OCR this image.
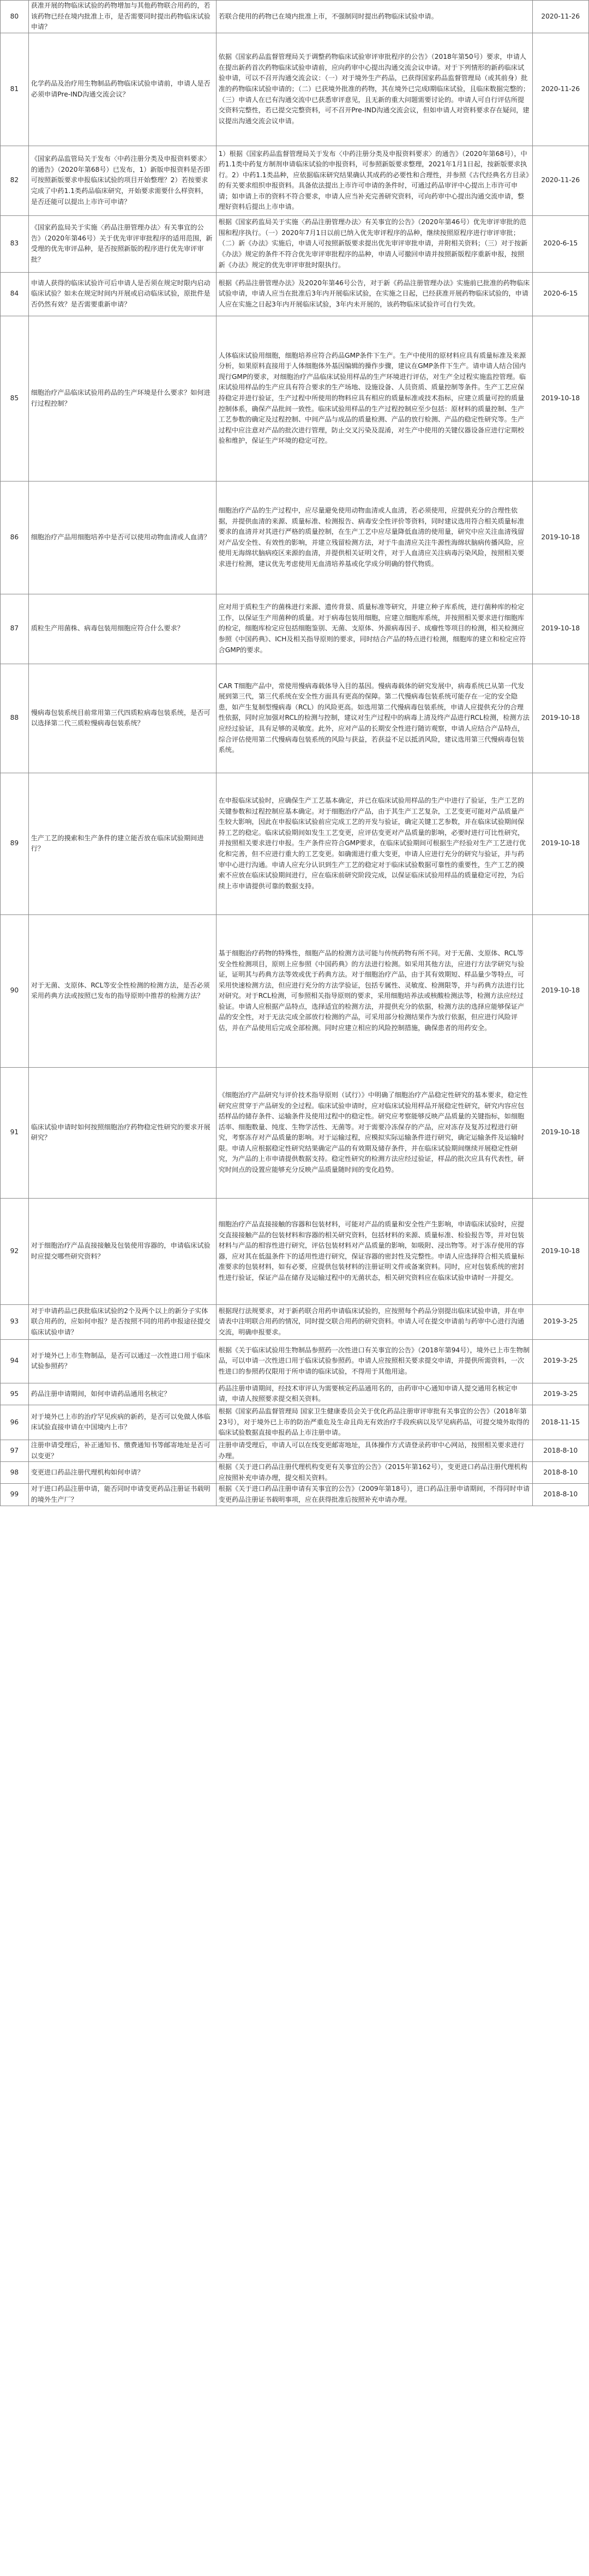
80	获准开展的物临床试验的药物增加与其他药物联合用药的，若该药物已经在境内批准上市，是否需要同时提出药物临床试验申请？	若联合使用的药物已在境内批准上市，不强制同时提出药物临床试验申请。	2020-11-26

81	化学药品及治疗用生物制品药物临床试验申请前，申请人是否必须申请Pre-IND沟通交流会议？	依据《国家药品监督管理局关于调整药物临床试验审评审批程序的公告》（2018年第50号）要求，申请人在提出新药首次药物临床试验申请前，应向药审中心提出沟通交流会议申请。对于下列情形的新药临床试验申请，可以不召开沟通交流会议：（一）对于境外生产药品，已获得国家药品监督管理局（或其前身）批准的药物临床试验申请的；（二）已获境外批准的药物，其在境外已完成I期临床试验，且临床数据完整的；（三）申请人在已有沟通交流中已获悉审评意见，且无新的重大问题需要讨论的。申请人可自行评估所提交资料完整性，若已提交完整资料，可不召开Pre-IND沟通交流会议，但如申请人对资料要求存在疑问，建议提出沟通交流会议申请。	2020-11-26

82	《国家药品监管局关于发布〈中药注册分类及申报资料要求〉的通告》（2020年第68号）已发布，1）新版申报资料是否即可按照新版要求申报临床试验的项目开始整理？2）若按要求完成了中药1.1类药品临床研究，开始要求需要什么样资料，是否还能可以提出上市许可申请？	1）根据《国家药品监督管理局关于发布〈中药注册分类及申报资料要求〉的通告》（2020年第68号），中药1.1类中药复方制剂申请临床试验的申报资料，可参照新版要求整理，2021年1月1日起，按新版要求执行。2）中药1.1类品种，应依据临床研究结果确认其成药的必要性和合理性，并参照《古代经典名方目录》的有关要求组织申报资料。具备依法提出上市许可申请的条件时，可通过药品审评中心提出上市许可申请；如申请上市的资料不符合要求，申请人应当补充完善研究资料，可向药审中心提出沟通交流申请，整理好资料后提出上市申请。	2020-11-26

83	《国家药监局关于实施〈药品注册管理办法〉有关事宜的公告》（2020年第46号）关于优先审评审批程序的适用范围，新受理的优先审评品种，是否按照新版的程序进行优先审评审批？	根据《国家药监局关于实施〈药品注册管理办法〉有关事宜的公告》（2020年第46号）优先审评审批的范围和程序执行。（一）2020年7月1日以前已纳入优先审评程序的品种，继续按照原程序进行审评审批；（二）新《办法》实施后，申请人可按照新版要求提出优先审评审批申请，并附相关资料；（三）对于按新《办法》规定的条件不符合优先审评审批程序的品种，申请人可撤回申请并按照新版程序重新申报，按照新《办法》规定的优先审评审批时限执行。	2020-6-15

84	申请人获得的临床试验许可后申请人是否须在规定时限内启动临床试验？如未在规定时间内开展或启动临床试验，原批件是否仍然有效？是否需要重新申请？	根据《药品注册管理办法》及2020年第46号公告，对于新《药品注册管理办法》实施前已批准的药物临床试验申请，申请人应当在批准后3年内开展临床试验，在实施之日起，已经获准开展药物临床试验的，申请人应在实施之日起3年内开展临床试验，3年内未开展的，该药物临床试验许可自行失效。	2020-6-15

85	细胞治疗产品临床试验用药品的生产环境是什么要求？如何进行过程控制？	人体临床试验用细胞，细胞培养应符合药品GMP条件下生产。生产中使用的原材料应具有质量标准及来源分析，如果原料直接用于人体细胞体外基因编辑的操作步骤，建议在GMP条件下生产。请申请人结合国内现行GMP的要求，对细胞治疗产品临床试验用样品的生产环境进行评估，对生产全过程实施监控管理。临床试验用样品的生产应具有符合要求的生产场地、设施设备、人员资质、质量控制等条件。生产工艺应保持稳定并进行验证，生产过程中所使用的物料应具有相应的质量标准或技术指标，应建立质量可控的质量控制体系，确保产品批间一致性。临床试验用样品的生产过程控制应至少包括：原材料的质量控制、生产工艺参数的确定及过程控制、中间产品与成品的质量检测、产品的放行检测、产品的稳定性研究等。生产过程中应注意对产品的批次进行管理，防止交叉污染及混淆，对生产中使用的关键仪器设备应进行定期校验和维护，保证生产环境的稳定可控。	2019-10-18

86	细胞治疗产品用细胞培养中是否可以使用动物血清或人血清？	细胞治疗产品的生产过程中，应尽量避免使用动物血清或人血清，若必须使用，应提供充分的合理性依据，并提供血清的来源、质量标准、检测报告、病毒安全性评价等资料，同时建议选用符合相关质量标准要求的血清并对其进行严格的质量控制，在生产工艺中应尽量降低血清的使用量，研究中应关注血清残留对产品安全性、有效性的影响，并建立残留检测方法，对于牛血清应关注牛源性海绵状脑病传播风险，应使用无海绵状脑病疫区来源的血清，并提供相关证明文件，对于人血清应关注病毒污染风险，按照相关要求进行检测，建议优先考虑使用无血清培养基或化学成分明确的替代物质。	2019-10-18

87	质粒生产用菌株、病毒包装用细胞应符合什么要求？	应对用于质粒生产的菌株进行来源、遗传背景、质量标准等研究，并建立种子库系统，进行菌种库的检定工作，以保证生产用菌种的质量。对于病毒包装用细胞，应建立细胞库系统，并按照相关要求进行细胞库的检定，细胞库检定应包括细胞鉴别、无菌、支原体、外源病毒因子、成瘤性等项目的检测，相关检测应参照《中国药典》、ICH及相关指导原则的要求，同时结合产品的特点进行检测，细胞库的建立和检定应符合GMP的要求。	2019-10-18

88	慢病毒包装系统目前常用第三代四质粒病毒包装系统，是否可以选择第二代三质粒慢病毒包装系统？	CAR T细胞产品中，常使用慢病毒载体导入目的基因。慢病毒载体的研究发展中，病毒系统已从第一代发展到第三代，第三代系统在安全性方面具有更高的保障。第二代慢病毒包装系统可能存在一定的安全隐患，如产生复制型慢病毒（RCL）的风险更高。如选用第二代慢病毒包装系统，申请人应提供充分的合理性依据，同时应加强对RCL的检测与控制，建议对生产过程中的病毒上清及终产品进行RCL检测，检测方法应经过验证，具有足够的灵敏度。此外，应对产品的长期安全性进行随访观察，申请人应结合产品特点，综合评估使用第二代慢病毒包装系统的风险与获益，若获益不足以抵消风险，建议选用第三代慢病毒包装系统。	2019-10-18

89	生产工艺的摸索和生产条件的建立能否放在临床试验期间进行？	在申报临床试验时，应确保生产工艺基本确定，并已在临床试验用样品的生产中进行了验证，生产工艺的关键参数和过程控制应基本确定。对于细胞治疗产品，由于其生产工艺复杂，工艺变更可能对产品质量产生较大影响，因此在申报临床试验前应完成工艺的开发与验证，确定关键工艺参数，并在临床试验期间保持工艺的稳定。临床试验期间如发生工艺变更，应评估变更对产品质量的影响，必要时进行可比性研究，并按照相关要求进行申报。生产条件应符合GMP要求，在临床试验期间可根据生产经验对生产工艺进行优化和完善，但不应进行重大的工艺变更。如确需进行重大变更，申请人应进行充分的研究与验证，并与药审中心进行沟通。申请人应充分认识到生产工艺的稳定对于临床试验数据可靠性的重要性，生产工艺的摸索不应放在临床试验期间进行，应在临床前研究阶段完成，以保证临床试验用样品的质量稳定可控，为后续上市申请提供可靠的数据支持。	2019-10-18

90	对于无菌、支原体、RCL等安全性检测的检测方法，是否必须采用药典方法或按照已发布的指导原则中推荐的检测方法？	基于细胞治疗药物的特殊性，细胞产品的检测方法可能与传统药物有所不同。对于无菌、支原体、RCL等安全性检测项目，原则上应参照《中国药典》的方法进行检测。如采用其他方法，应进行方法学研究与验证，证明其与药典方法等效或优于药典方法。对于细胞治疗产品，由于其有效期短、样品量少等特点，可采用快速检测方法，但应进行充分的方法学验证，包括专属性、灵敏度、检测限等，并与药典方法进行比对研究。对于RCL检测，可参照相关指导原则的要求，采用细胞培养法或核酸检测法等，检测方法应经过验证。申请人应根据产品特点，选择适宜的检测方法，并提供充分的依据，检测方法的选择应能够保证产品的安全性，对于无法完成全部放行检测的产品，可采用部分检测结果作为放行依据，但应进行风险评估，并在产品使用后完成全部检测。同时应建立相应的风险控制措施，确保患者的用药安全。	2019-10-18

91	临床试验申请时如何按照细胞治疗药物稳定性研究的要求开展研究？	《细胞治疗产品研究与评价技术指导原则（试行）》中明确了细胞治疗产品稳定性研究的基本要求，稳定性研究应贯穿于产品研发的全过程。临床试验申请时，应对临床试验用样品开展稳定性研究，研究内容应包括样品的储存条件、运输条件及使用过程中的稳定性。研究应考察能够反映产品质量的关键指标，如细胞活率、细胞数量、纯度、生物学活性、无菌等。对于需要冷冻保存的产品，应对冻存及复苏过程进行研究，考察冻存对产品质量的影响。对于运输过程，应模拟实际运输条件进行研究，确定运输条件及运输时限。申请人应根据稳定性研究结果确定产品的有效期及储存条件，并在临床试验期间继续开展稳定性研究，为产品的上市申请提供数据支持。稳定性研究的检测方法应经过验证，样品的批次应具有代表性，研究时间点的设置应能够充分反映产品质量随时间的变化趋势。	2019-10-18

92	对于细胞治疗产品直接接触及包装使用容器的，申请临床试验时应提交哪些研究资料？	细胞治疗产品直接接触的容器和包装材料，可能对产品的质量和安全性产生影响，申请临床试验时，应提交直接接触产品的包装材料和容器的相关研究资料，包括材料的来源、质量标准、检验报告等，并对包装材料与产品的相容性进行研究，评估包装材料对产品质量的影响，如吸附、浸出物等。对于冻存使用的容器，应对其在低温条件下的适用性进行研究，保证容器的密封性及完整性。申请人应选择符合相关质量标准要求的包装材料，如有必要，应提供包装材料的注册证明文件或备案资料。同时，应对包装系统的密封性进行验证，保证产品在储存及运输过程中的无菌状态，相关研究资料应在临床试验申请时一并提交。	2019-10-18

93	对于申请药品已获批临床试验的2个及两个以上的新分子实体联合用药的，应如何申报？是否按照不同的用药申报途径提交临床试验申请？	根据现行法规要求，对于新药联合用药申请临床试验的，应按照每个药品分别提出临床试验申请，并在申请表中注明联合用药的情况，同时提交联合用药的研究资料。申请人可在提交申请前与药审中心进行沟通交流，明确申报要求。	2019-3-25

94	对于境外已上市生物制品，是否可以通过一次性进口用于临床试验参照药？	根据《关于临床试验用生物制品参照药一次性进口有关事宜的公告》（2018年第94号），境外已上市生物制品，可以申请一次性进口用于临床试验参照药。申请人应按照相关要求提交申请，并提供所需资料，一次性进口的参照药仅限用于所申请的临床试验，不得用于其他用途。	2019-3-25

95	药品注册申请期间，如何申请药品通用名核定？	药品注册申请期间，经技术审评认为需要核定药品通用名的，由药审中心通知申请人提交通用名核定申请，申请人按照要求提交相关资料。	2019-3-25

96	对于境外已上市的治疗罕见疾病的新药，是否可以免做人体临床试验直接申请在中国境内上市？	根据《国家药品监督管理局 国家卫生健康委员会关于优化药品注册审评审批有关事宜的公告》（2018年第23号），对于境外已上市的防治严重危及生命且尚无有效治疗手段疾病以及罕见病药品，可提交境外取得的临床试验数据直接申报药品上市注册申请。	2018-11-15

97	注册申请受理后，补正通知书、缴费通知书等邮寄地址是否可以变更？	注册申请受理后，申请人可以在线变更邮寄地址，具体操作方式请登录药审中心网站，按照相关要求进行办理。	2018-8-10

98	变更进口药品注册代理机构如何申请？	根据《关于进口药品注册代理机构变更有关事宜的公告》（2015年第162号），变更进口药品注册代理机构应按照补充申请办理，提交相关资料。	2018-8-10

99	对于进口药品注册申请，能否同时申请变更药品注册证书载明的境外生产厂？	根据《关于进口药品注册申请有关事宜的公告》（2009年第18号），进口药品注册申请期间，不得同时申请变更药品注册证书载明事项，应在获得批准后按照补充申请办理。	2018-8-10
